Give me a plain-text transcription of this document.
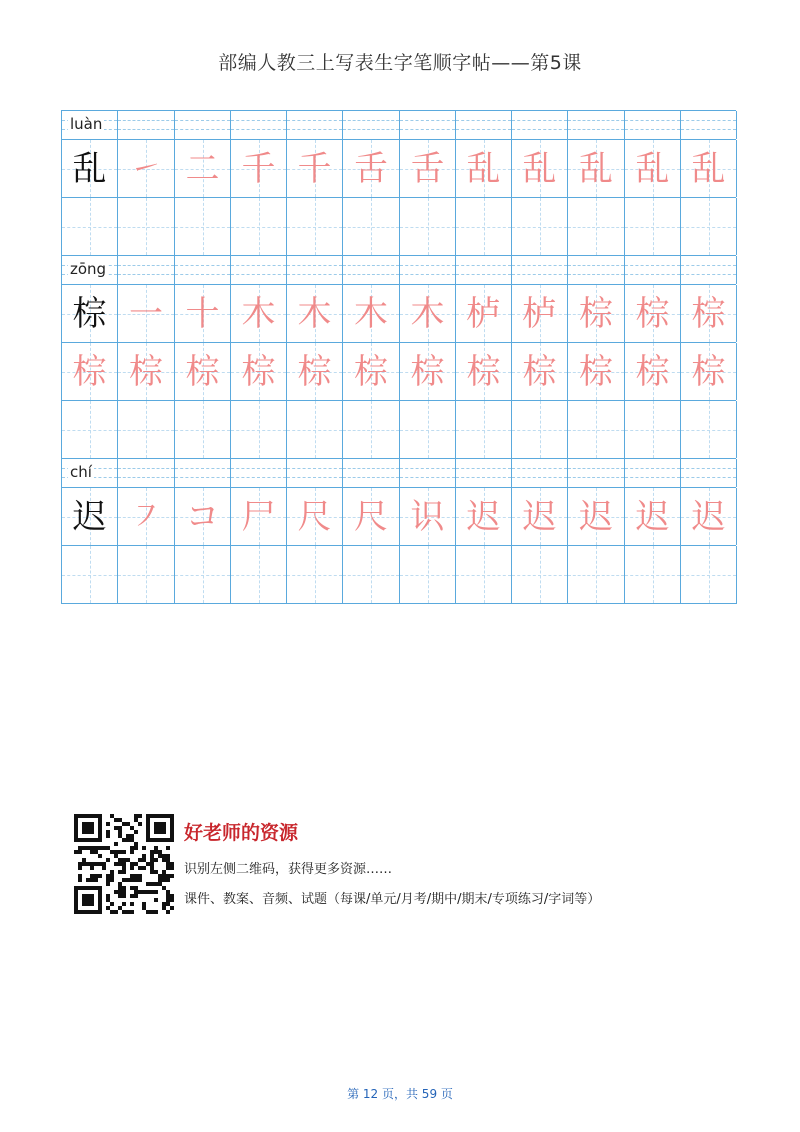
部编人教三上写表生字笔顺字帖——第5课
luàn
乱 ㇀ 二 千 千 舌 舌 乱 乱 乱 乱 乱
zōng
棕 一 十 木 木 木 木 栌 栌 棕 棕 棕
棕 棕 棕 棕 棕 棕 棕 棕 棕 棕 棕 棕
chí
迟 ㇇ コ 尸 尺 尺 识 迟 迟 迟 迟 迟
好老师的资源
识别左侧二维码，获得更多资源……
课件、教案、音频、试题（每课/单元/月考/期中/期末/专项练习/字词等）
第 12 页，共 59 页
